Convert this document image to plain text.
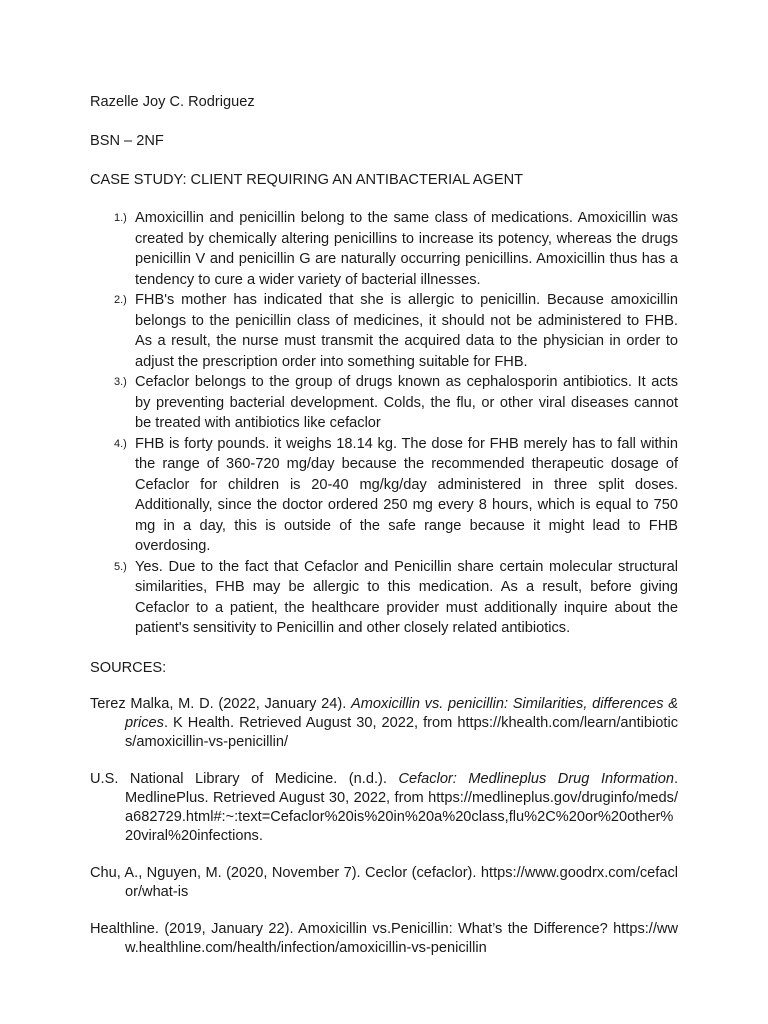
Razelle Joy C. Rodriguez

BSN – 2NF

CASE STUDY: CLIENT REQUIRING AN ANTIBACTERIAL AGENT

1.) Amoxicillin and penicillin belong to the same class of medications. Amoxicillin was created by chemically altering penicillins to increase its potency, whereas the drugs penicillin V and penicillin G are naturally occurring penicillins. Amoxicillin thus has a tendency to cure a wider variety of bacterial illnesses.
2.) FHB's mother has indicated that she is allergic to penicillin. Because amoxicillin belongs to the penicillin class of medicines, it should not be administered to FHB. As a result, the nurse must transmit the acquired data to the physician in order to adjust the prescription order into something suitable for FHB.
3.) Cefaclor belongs to the group of drugs known as cephalosporin antibiotics. It acts by preventing bacterial development. Colds, the flu, or other viral diseases cannot be treated with antibiotics like cefaclor
4.) FHB is forty pounds. it weighs 18.14 kg. The dose for FHB merely has to fall within the range of 360-720 mg/day because the recommended therapeutic dosage of Cefaclor for children is 20-40 mg/kg/day administered in three split doses. Additionally, since the doctor ordered 250 mg every 8 hours, which is equal to 750 mg in a day, this is outside of the safe range because it might lead to FHB overdosing.
5.) Yes. Due to the fact that Cefaclor and Penicillin share certain molecular structural similarities, FHB may be allergic to this medication. As a result, before giving Cefaclor to a patient, the healthcare provider must additionally inquire about the patient's sensitivity to Penicillin and other closely related antibiotics.

SOURCES:

Terez Malka, M. D. (2022, January 24). Amoxicillin vs. penicillin: Similarities, differences & prices. K Health. Retrieved August 30, 2022, from https://khealth.com/learn/antibiotics/amoxicillin-vs-penicillin/

U.S. National Library of Medicine. (n.d.). Cefaclor: Medlineplus Drug Information. MedlinePlus. Retrieved August 30, 2022, from https://medlineplus.gov/druginfo/meds/a682729.html#:~:text=Cefaclor%20is%20in%20a%20class,flu%2C%20or%20other%20viral%20infections.

Chu, A., Nguyen, M. (2020, November 7). Ceclor (cefaclor). https://www.goodrx.com/cefaclor/what-is

Healthline. (2019, January 22). Amoxicillin vs.Penicillin: What’s the Difference? https://www.healthline.com/health/infection/amoxicillin-vs-penicillin
